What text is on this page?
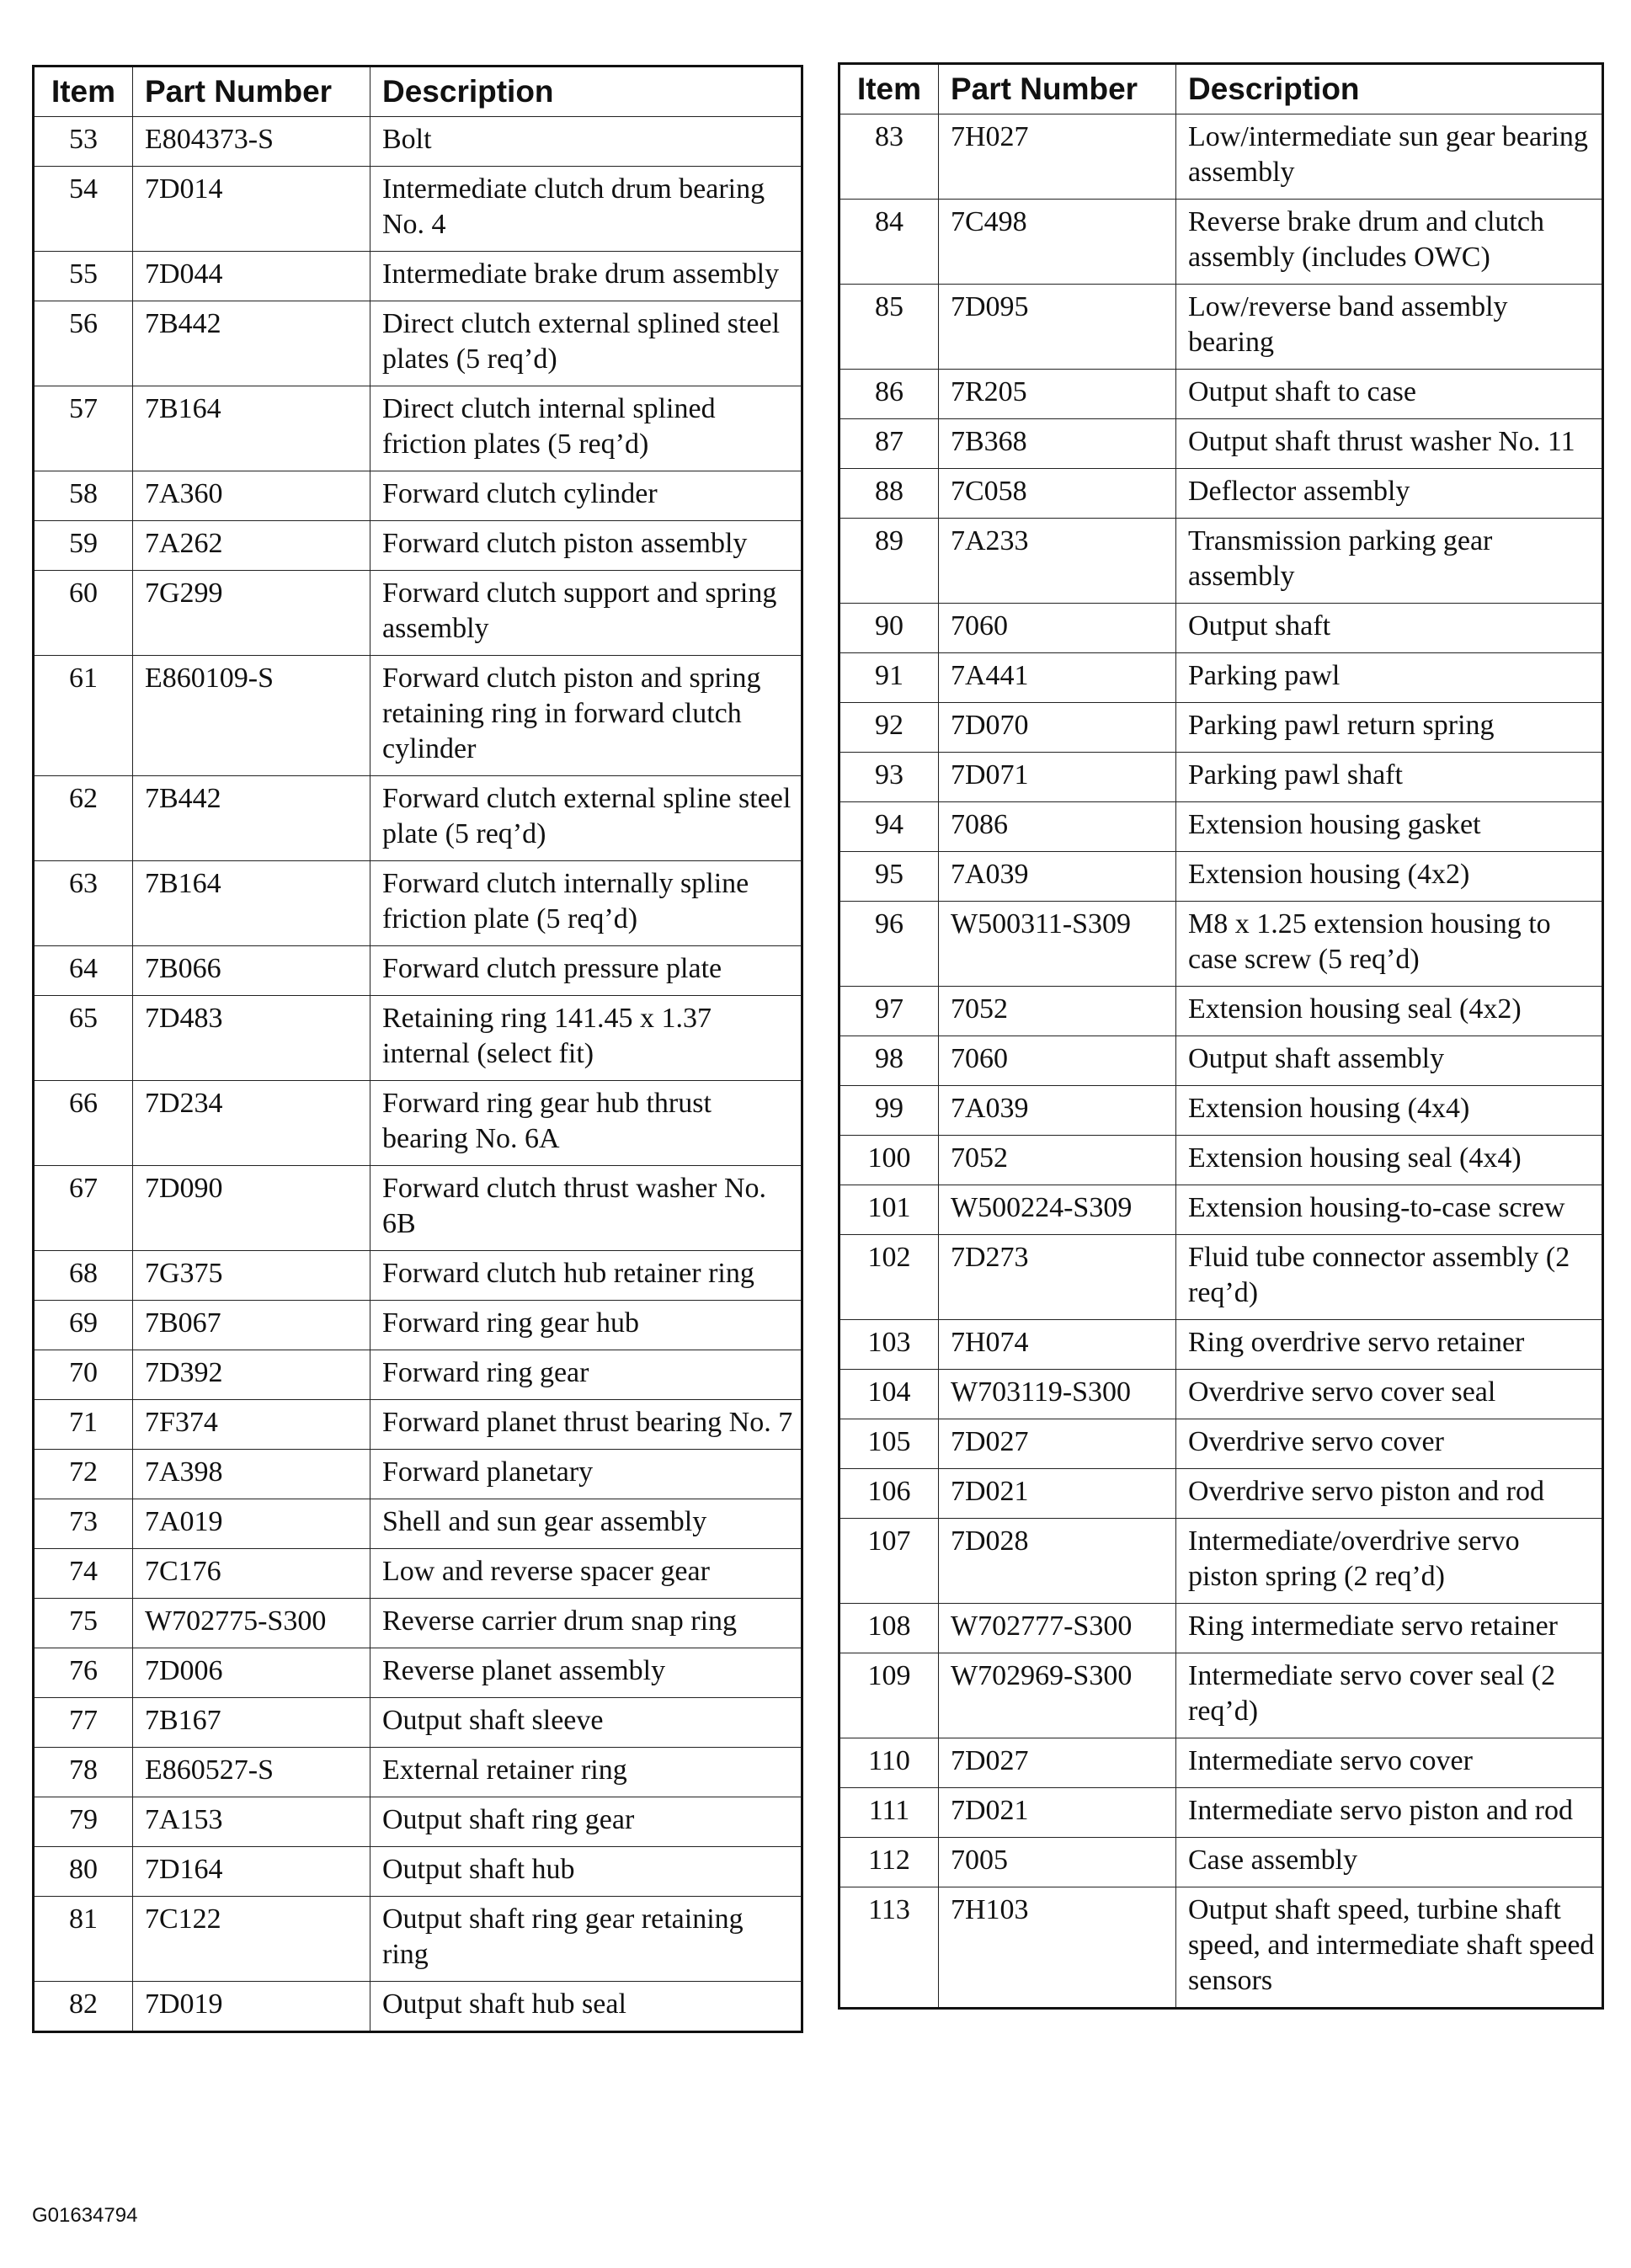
Item	Part Number	Description
53	E804373-S	Bolt
54	7D014	Intermediate clutch drum bearing No. 4
55	7D044	Intermediate brake drum assembly
56	7B442	Direct clutch external splined steel plates (5 req’d)
57	7B164	Direct clutch internal splined friction plates (5 req’d)
58	7A360	Forward clutch cylinder
59	7A262	Forward clutch piston assembly
60	7G299	Forward clutch support and spring assembly
61	E860109-S	Forward clutch piston and spring retaining ring in forward clutch cylinder
62	7B442	Forward clutch external spline steel plate (5 req’d)
63	7B164	Forward clutch internally spline friction plate (5 req’d)
64	7B066	Forward clutch pressure plate
65	7D483	Retaining ring 141.45 x 1.37 internal (select fit)
66	7D234	Forward ring gear hub thrust bearing No. 6A
67	7D090	Forward clutch thrust washer No. 6B
68	7G375	Forward clutch hub retainer ring
69	7B067	Forward ring gear hub
70	7D392	Forward ring gear
71	7F374	Forward planet thrust bearing No. 7
72	7A398	Forward planetary
73	7A019	Shell and sun gear assembly
74	7C176	Low and reverse spacer gear
75	W702775-S300	Reverse carrier drum snap ring
76	7D006	Reverse planet assembly
77	7B167	Output shaft sleeve
78	E860527-S	External retainer ring
79	7A153	Output shaft ring gear
80	7D164	Output shaft hub
81	7C122	Output shaft ring gear retaining ring
82	7D019	Output shaft hub seal
Item	Part Number	Description
83	7H027	Low/intermediate sun gear bearing assembly
84	7C498	Reverse brake drum and clutch assembly (includes OWC)
85	7D095	Low/reverse band assembly bearing
86	7R205	Output shaft to case
87	7B368	Output shaft thrust washer No. 11
88	7C058	Deflector assembly
89	7A233	Transmission parking gear assembly
90	7060	Output shaft
91	7A441	Parking pawl
92	7D070	Parking pawl return spring
93	7D071	Parking pawl shaft
94	7086	Extension housing gasket
95	7A039	Extension housing (4x2)
96	W500311-S309	M8 x 1.25 extension housing to case screw (5 req’d)
97	7052	Extension housing seal (4x2)
98	7060	Output shaft assembly
99	7A039	Extension housing (4x4)
100	7052	Extension housing seal (4x4)
101	W500224-S309	Extension housing-to-case screw
102	7D273	Fluid tube connector assembly (2 req’d)
103	7H074	Ring overdrive servo retainer
104	W703119-S300	Overdrive servo cover seal
105	7D027	Overdrive servo cover
106	7D021	Overdrive servo piston and rod
107	7D028	Intermediate/overdrive servo piston spring (2 req’d)
108	W702777-S300	Ring intermediate servo retainer
109	W702969-S300	Intermediate servo cover seal (2 req’d)
110	7D027	Intermediate servo cover
111	7D021	Intermediate servo piston and rod
112	7005	Case assembly
113	7H103	Output shaft speed, turbine shaft speed, and intermediate shaft speed sensors
G01634794
